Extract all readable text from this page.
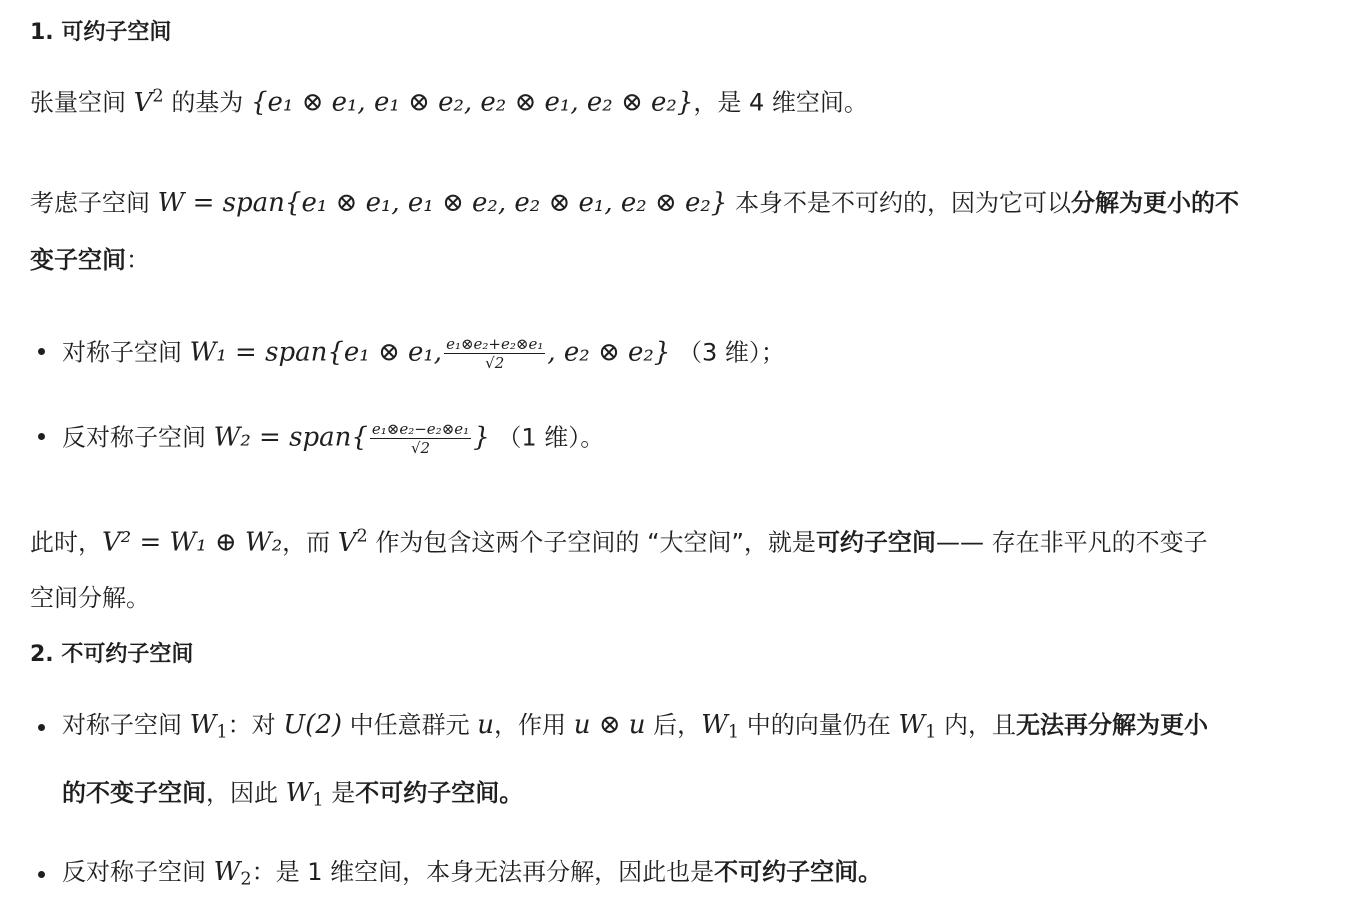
1. 可约子空间
张量空间 $V^2$ 的基为 {e₁ ⊗ e₁, e₁ ⊗ e₂, e₂ ⊗ e₁, e₂ ⊗ e₂}，是 4 维空间。
考虑子空间 W = span{e₁ ⊗ e₁, e₁ ⊗ e₂, e₂ ⊗ e₁, e₂ ⊗ e₂} 本身不是不可约的，因为它可以分解为更小的不
变子空间：
对称子空间 W₁ = span{e₁ ⊗ e₁, $\frac{\text{e₁⊗e₂+e₂⊗e₁}}{√2}$ , e₂ ⊗ e₂} （3 维）；
反对称子空间 W₂ = span{ $\frac{\text{e₁⊗e₂−e₂⊗e₁}}{√2}$ } （1 维）。
此时，V² = W₁ ⊕ W₂，而 $V^2$ 作为包含这两个子空间的 “大空间”，就是可约子空间—— 存在非平凡的不变子
空间分解。
2. 不可约子空间
对称子空间 $W_1$：对 U(2) 中任意群元 u，作用 u ⊗ u 后，$W_1$ 中的向量仍在 $W_1$ 内，且无法再分解为更小
的不变子空间，因此 $W_1$ 是不可约子空间。
反对称子空间 $W_2$：是 1 维空间，本身无法再分解，因此也是不可约子空间。
